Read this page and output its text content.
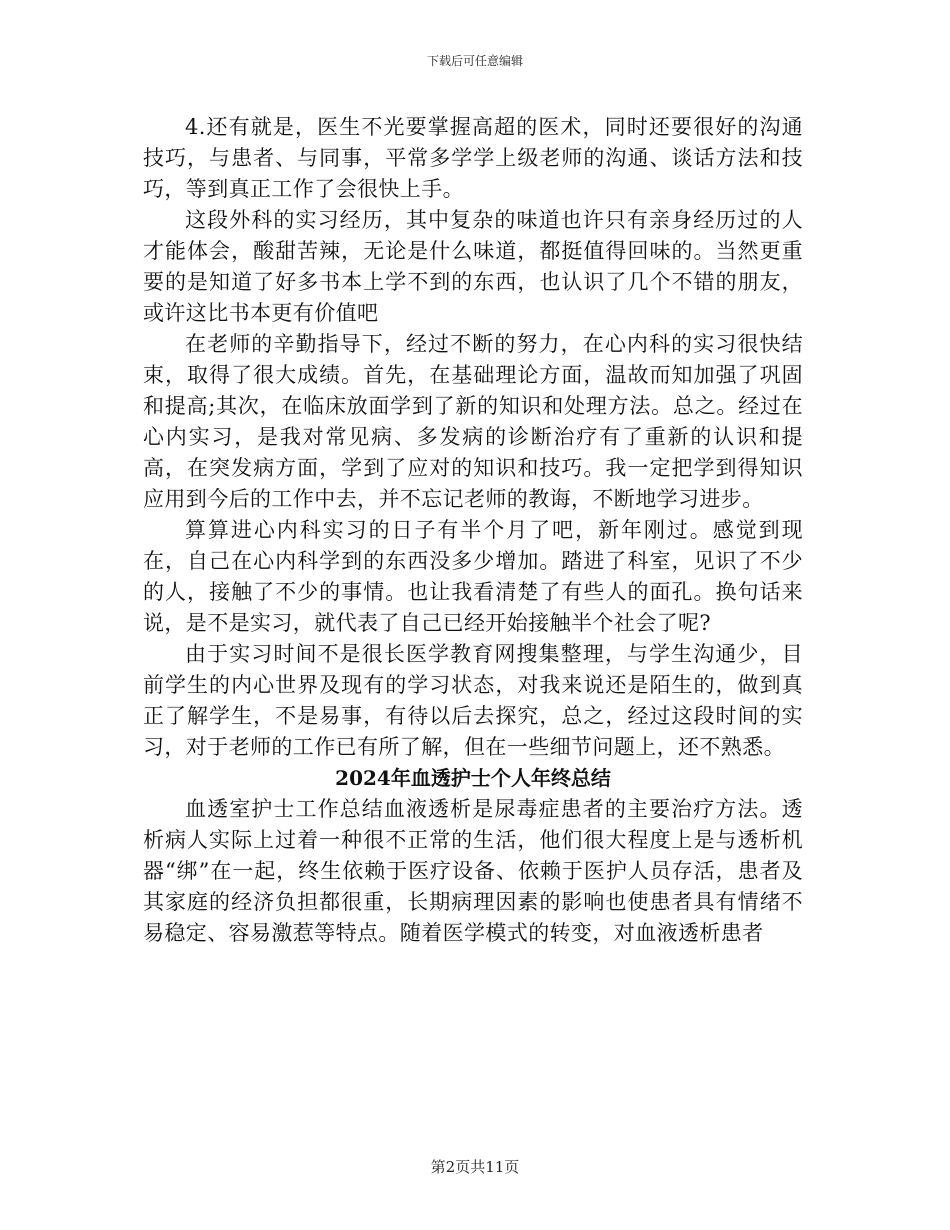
下载后可任意编辑

4.还有就是，医生不光要掌握高超的医术，同时还要很好的沟通技巧，与患者、与同事，平常多学学上级老师的沟通、谈话方法和技巧，等到真正工作了会很快上手。

这段外科的实习经历，其中复杂的味道也许只有亲身经历过的人才能体会，酸甜苦辣，无论是什么味道，都挺值得回味的。当然更重要的是知道了好多书本上学不到的东西，也认识了几个不错的朋友，或许这比书本更有价值吧

在老师的辛勤指导下，经过不断的努力，在心内科的实习很快结束，取得了很大成绩。首先，在基础理论方面，温故而知加强了巩固和提高;其次，在临床放面学到了新的知识和处理方法。总之。经过在心内实习，是我对常见病、多发病的诊断治疗有了重新的认识和提高，在突发病方面，学到了应对的知识和技巧。我一定把学到得知识应用到今后的工作中去，并不忘记老师的教诲，不断地学习进步。

算算进心内科实习的日子有半个月了吧，新年刚过。感觉到现在，自己在心内科学到的东西没多少增加。踏进了科室，见识了不少的人，接触了不少的事情。也让我看清楚了有些人的面孔。换句话来说，是不是实习，就代表了自己已经开始接触半个社会了呢?

由于实习时间不是很长医学教育网搜集整理，与学生沟通少，目前学生的内心世界及现有的学习状态，对我来说还是陌生的，做到真正了解学生，不是易事，有待以后去探究，总之，经过这段时间的实习，对于老师的工作已有所了解，但在一些细节问题上，还不熟悉。

2024年血透护士个人年终总结

血透室护士工作总结血液透析是尿毒症患者的主要治疗方法。透析病人实际上过着一种很不正常的生活，他们很大程度上是与透析机器“绑”在一起，终生依赖于医疗设备、依赖于医护人员存活，患者及其家庭的经济负担都很重，长期病理因素的影响也使患者具有情绪不易稳定、容易激惹等特点。随着医学模式的转变，对血液透析患者

第2页共11页
